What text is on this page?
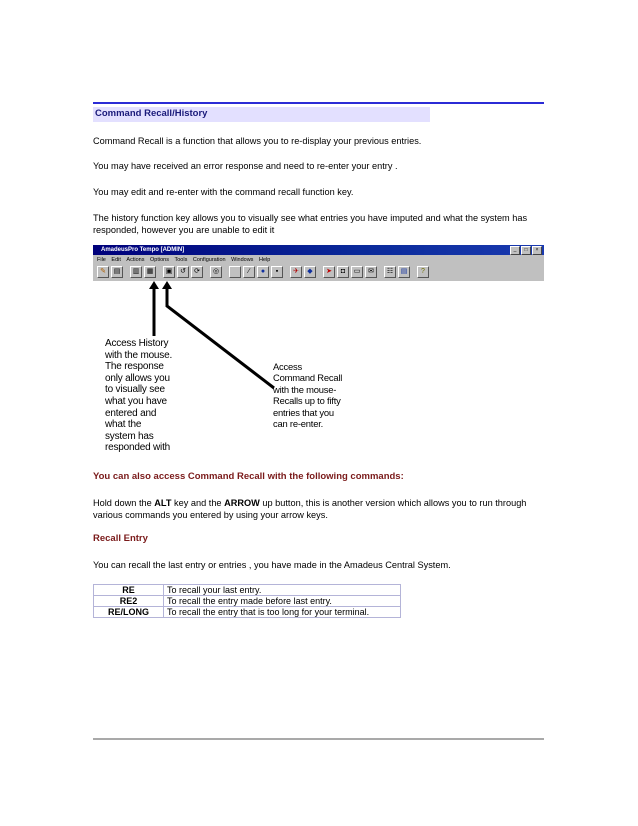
Command Recall/History
Command Recall is a function that allows you to re-display your previous entries.
You may have received an error response and need to re-enter your entry .
You may edit and re-enter with the command recall function key.
The history function key allows you to visually see what entries you have imputed and what the system has responded, however you are unable to edit it
AmadeusPro Tempo [ADMIN]	_	□	×
File Edit Actions Options Tools Configuration Windows Help
✎	▤	▥	▦	▣	↺	⟳	◎	∕	●	▪	✈	◆	➤	◘	▭	✉	☷	▤	?
Access History
with the mouse.
The response
only allows you
to visually see
what you have
entered and
what the
system has
responded with
Access
Command Recall
with the mouse-
Recalls up to fifty
entries that you
can re-enter.
You can also access Command Recall with the following commands:
Hold down the ALT key and the ARROW up button, this is another version which allows you to run through various commands you entered by using your arrow keys.
Recall Entry
You can recall the last entry or entries , you have made in the Amadeus Central System.
RE	To recall your last entry.
RE2	To recall the entry made before last entry.
RE/LONG	To recall the entry that is too long for your terminal.
